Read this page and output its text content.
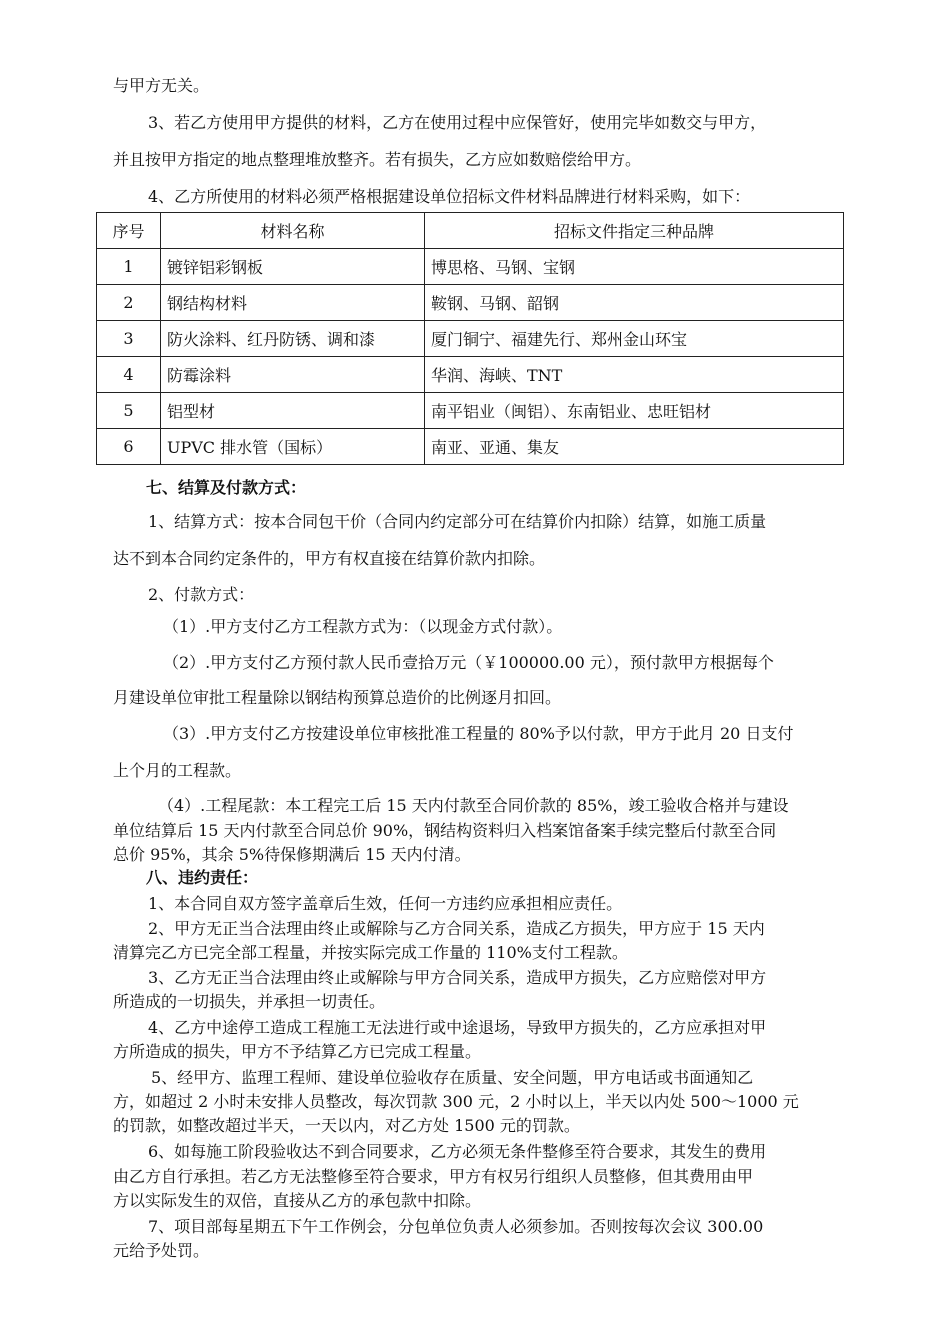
与甲方无关。

3、若乙方使用甲方提供的材料，乙方在使用过程中应保管好，使用完毕如数交与甲方，

并且按甲方指定的地点整理堆放整齐。若有损失，乙方应如数赔偿给甲方。

4、乙方所使用的材料必须严格根据建设单位招标文件材料品牌进行材料采购，如下：

序号	材料名称	招标文件指定三种品牌
1	镀锌铝彩钢板	博思格、马钢、宝钢
2	钢结构材料	鞍钢、马钢、韶钢
3	防火涂料、红丹防锈、调和漆	厦门铜宁、福建先行、郑州金山环宝
4	防霉涂料	华润、海峡、TNT
5	铝型材	南平铝业（闽铝）、东南铝业、忠旺铝材
6	UPVC 排水管（国标）	南亚、亚通、集友

七、结算及付款方式：

1、结算方式：按本合同包干价（合同内约定部分可在结算价内扣除）结算，如施工质量

达不到本合同约定条件的，甲方有权直接在结算价款内扣除。

2、付款方式：

（1）.甲方支付乙方工程款方式为：（以现金方式付款）。

（2）.甲方支付乙方预付款人民币壹拾万元（￥100000.00 元），预付款甲方根据每个

月建设单位审批工程量除以钢结构预算总造价的比例逐月扣回。

（3）.甲方支付乙方按建设单位审核批准工程量的 80%予以付款，甲方于此月 20 日支付

上个月的工程款。

（4）.工程尾款：本工程完工后 15 天内付款至合同价款的 85%，竣工验收合格并与建设

单位结算后 15 天内付款至合同总价 90%，钢结构资料归入档案馆备案手续完整后付款至合同

总价 95%，其余 5%待保修期满后 15 天内付清。

八、违约责任：

1、本合同自双方签字盖章后生效，任何一方违约应承担相应责任。

2、甲方无正当合法理由终止或解除与乙方合同关系，造成乙方损失，甲方应于 15 天内

清算完乙方已完全部工程量，并按实际完成工作量的 110%支付工程款。

3、乙方无正当合法理由终止或解除与甲方合同关系，造成甲方损失，乙方应赔偿对甲方

所造成的一切损失，并承担一切责任。

4、乙方中途停工造成工程施工无法进行或中途退场，导致甲方损失的，乙方应承担对甲

方所造成的损失，甲方不予结算乙方已完成工程量。

5、经甲方、监理工程师、建设单位验收存在质量、安全问题，甲方电话或书面通知乙

方，如超过 2 小时未安排人员整改，每次罚款 300 元，2 小时以上，半天以内处 500～1000 元

的罚款，如整改超过半天，一天以内，对乙方处 1500 元的罚款。

6、如每施工阶段验收达不到合同要求，乙方必须无条件整修至符合要求，其发生的费用

由乙方自行承担。若乙方无法整修至符合要求，甲方有权另行组织人员整修，但其费用由甲

方以实际发生的双倍，直接从乙方的承包款中扣除。

7、项目部每星期五下午工作例会，分包单位负责人必须参加。否则按每次会议 300.00

元给予处罚。
